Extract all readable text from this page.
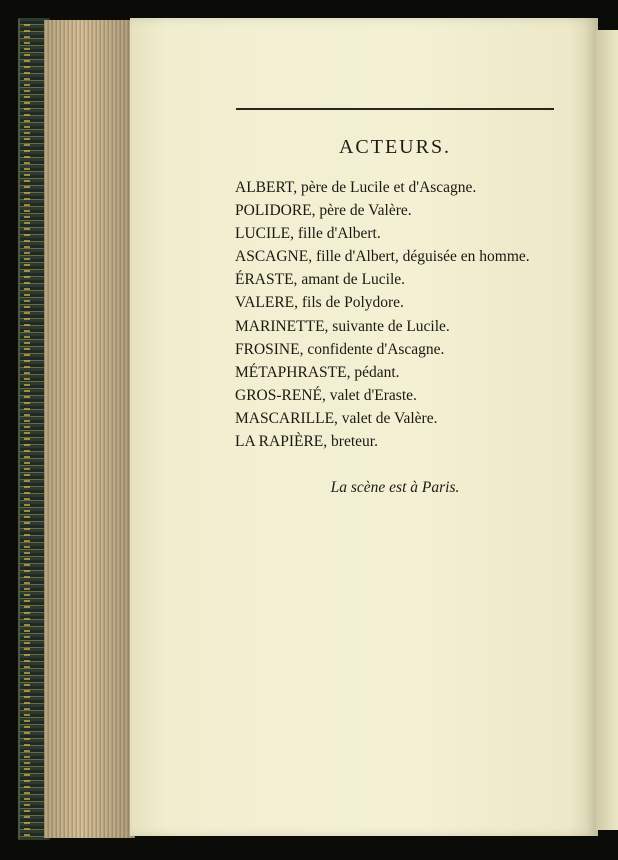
ACTEURS.
ALBERT, père de Lucile et d'Ascagne.
POLIDORE, père de Valère.
LUCILE, fille d'Albert.
ASCAGNE, fille d'Albert, déguisée en homme.
ÉRASTE, amant de Lucile.
VALERE, fils de Polydore.
MARINETTE, suivante de Lucile.
FROSINE, confidente d'Ascagne.
MÉTAPHRASTE, pédant.
GROS-RENÉ, valet d'Eraste.
MASCARILLE, valet de Valère.
LA RAPIÈRE, breteur.
La scène est à Paris.
